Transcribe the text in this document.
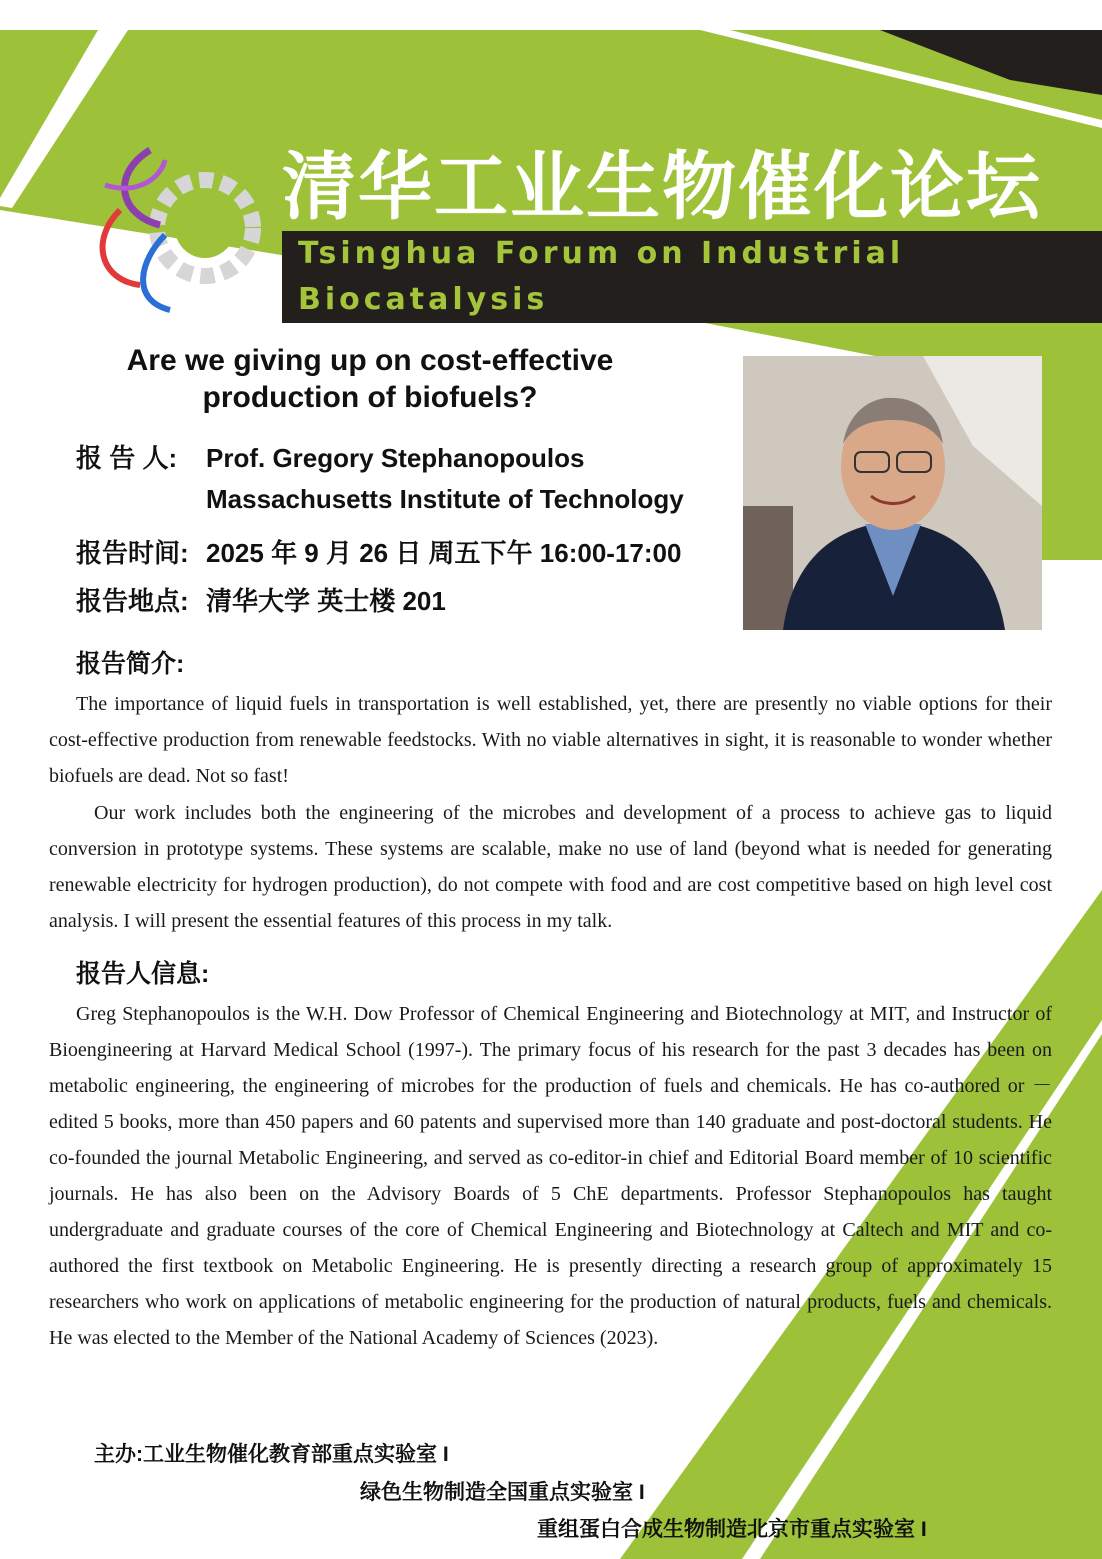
清华工业生物催化论坛
Tsinghua Forum on Industrial
Biocatalysis
Are we giving up on cost-effective production of biofuels?
报 告 人: Prof. Gregory Stephanopoulos
Massachusetts Institute of Technology
报告时间: 2025 年 9 月 26 日 周五下午 16:00-17:00
报告地点: 清华大学 英士楼 201
报告简介:
The importance of liquid fuels in transportation is well established, yet, there are presently no viable options for their cost-effective production from renewable feedstocks. With no viable alternatives in sight, it is reasonable to wonder whether biofuels are dead. Not so fast!
Our work includes both the engineering of the microbes and development of a process to achieve gas to liquid conversion in prototype systems. These systems are scalable, make no use of land (beyond what is needed for generating renewable electricity for hydrogen production), do not compete with food and are cost competitive based on high level cost analysis. I will present the essential features of this process in my talk.
报告人信息:
Greg Stephanopoulos is the W.H. Dow Professor of Chemical Engineering and Biotechnology at MIT, and Instructor of Bioengineering at Harvard Medical School (1997-). The primary focus of his research for the past 3 decades has been on metabolic engineering, the engineering of microbes for the production of fuels and chemicals. He has co-authored or －edited 5 books, more than 450 papers and 60 patents and supervised more than 140 graduate and post-doctoral students. He co-founded the journal Metabolic Engineering, and served as co-editor-in chief and Editorial Board member of 10 scientific journals. He has also been on the Advisory Boards of 5 ChE departments. Professor Stephanopoulos has taught undergraduate and graduate courses of the core of Chemical Engineering and Biotechnology at Caltech and MIT and co-authored the first textbook on Metabolic Engineering. He is presently directing a research group of approximately 15 researchers who work on applications of metabolic engineering for the production of natural products, fuels and chemicals. He was elected to the Member of the National Academy of Sciences (2023).
主办:工业生物催化教育部重点实验室 I
绿色生物制造全国重点实验室 I
重组蛋白合成生物制造北京市重点实验室 I
